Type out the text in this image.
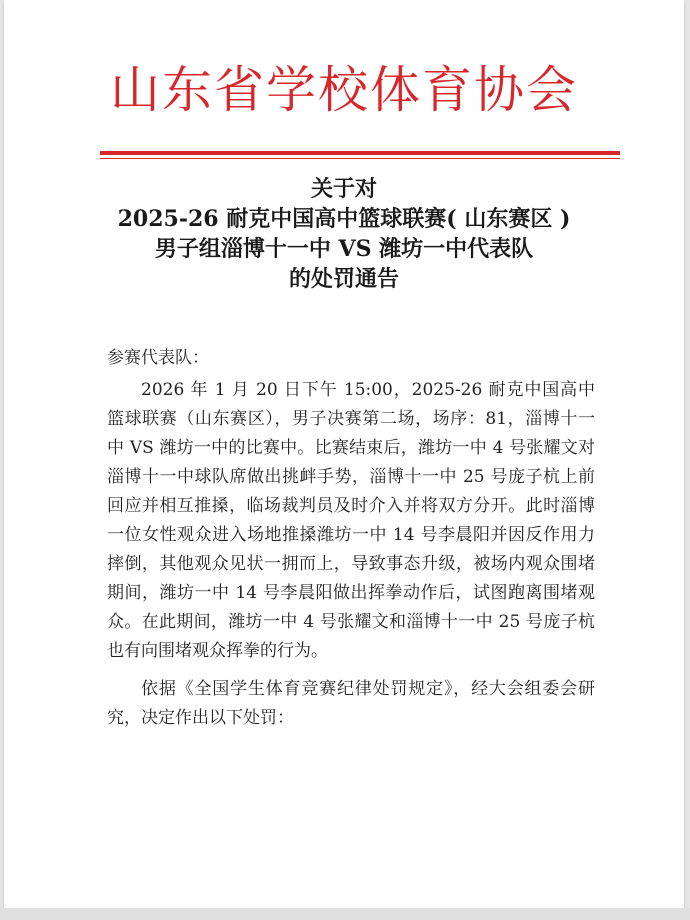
山东省学校体育协会
关于对
2025-26 耐克中国高中篮球联赛( 山东赛区 )
男子组淄博十一中 VS 潍坊一中代表队
的处罚通告

参赛代表队：

2026 年 1 月 20 日下午 15:00，2025-26 耐克中国高中篮球联赛（山东赛区），男子决赛第二场，场序：81，淄博十一中 VS 潍坊一中的比赛中。比赛结束后，潍坊一中 4 号张耀文对淄博十一中球队席做出挑衅手势，淄博十一中 25 号庞子杭上前回应并相互推搡，临场裁判员及时介入并将双方分开。此时淄博一位女性观众进入场地推搡潍坊一中 14 号李晨阳并因反作用力摔倒，其他观众见状一拥而上，导致事态升级，被场内观众围堵期间，潍坊一中 14 号李晨阳做出挥拳动作后，试图跑离围堵观众。在此期间，潍坊一中 4 号张耀文和淄博十一中 25 号庞子杭也有向围堵观众挥拳的行为。

依据《全国学生体育竞赛纪律处罚规定》，经大会组委会研究，决定作出以下处罚：
